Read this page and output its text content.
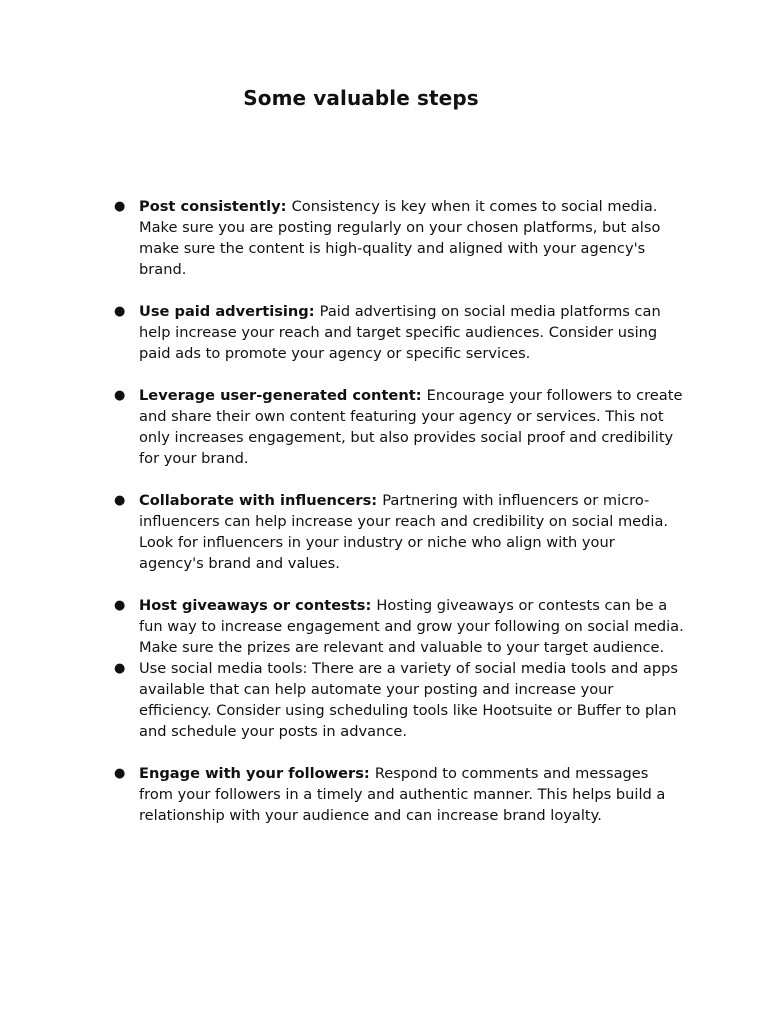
Some valuable steps
● Post consistently: Consistency is key when it comes to social media. Make sure you are posting regularly on your chosen platforms, but also make sure the content is high-quality and aligned with your agency's brand.
● Use paid advertising: Paid advertising on social media platforms can help increase your reach and target specific audiences. Consider using paid ads to promote your agency or specific services.
● Leverage user-generated content: Encourage your followers to create and share their own content featuring your agency or services. This not only increases engagement, but also provides social proof and credibility for your brand.
● Collaborate with influencers: Partnering with influencers or micro-influencers can help increase your reach and credibility on social media. Look for influencers in your industry or niche who align with your agency's brand and values.
● Host giveaways or contests: Hosting giveaways or contests can be a fun way to increase engagement and grow your following on social media. Make sure the prizes are relevant and valuable to your target audience.
● Use social media tools: There are a variety of social media tools and apps available that can help automate your posting and increase your efficiency. Consider using scheduling tools like Hootsuite or Buffer to plan and schedule your posts in advance.
● Engage with your followers: Respond to comments and messages from your followers in a timely and authentic manner. This helps build a relationship with your audience and can increase brand loyalty.
